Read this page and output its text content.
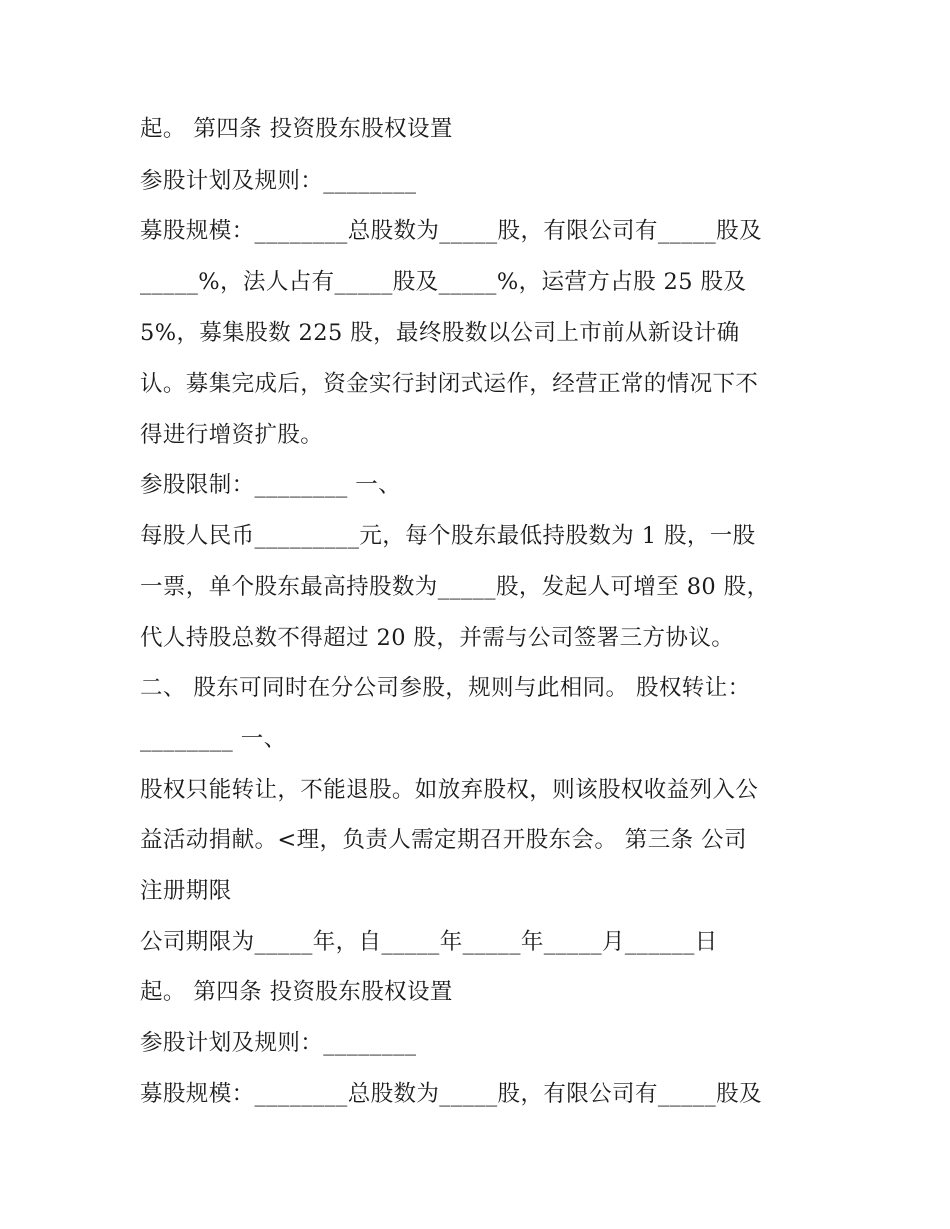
起。 第四条 投资股东股权设置
参股计划及规则：________
募股规模：________总股数为_____股，有限公司有_____股及
_____%，法人占有_____股及_____%，运营方占股 25 股及
5%，募集股数 225 股，最终股数以公司上市前从新设计确
认。募集完成后，资金实行封闭式运作，经营正常的情况下不
得进行增资扩股。
参股限制：________ 一、
每股人民币_________元，每个股东最低持股数为 1 股，一股
一票，单个股东最高持股数为_____股，发起人可增至 80 股，
代人持股总数不得超过 20 股，并需与公司签署三方协议。
二、 股东可同时在分公司参股，规则与此相同。 股权转让：
________ 一、
股权只能转让，不能退股。如放弃股权，则该股权收益列入公
益活动捐献。<理，负责人需定期召开股东会。 第三条 公司
注册期限
公司期限为_____年，自_____年_____年_____月______日
起。 第四条 投资股东股权设置
参股计划及规则：________
募股规模：________总股数为_____股，有限公司有_____股及
